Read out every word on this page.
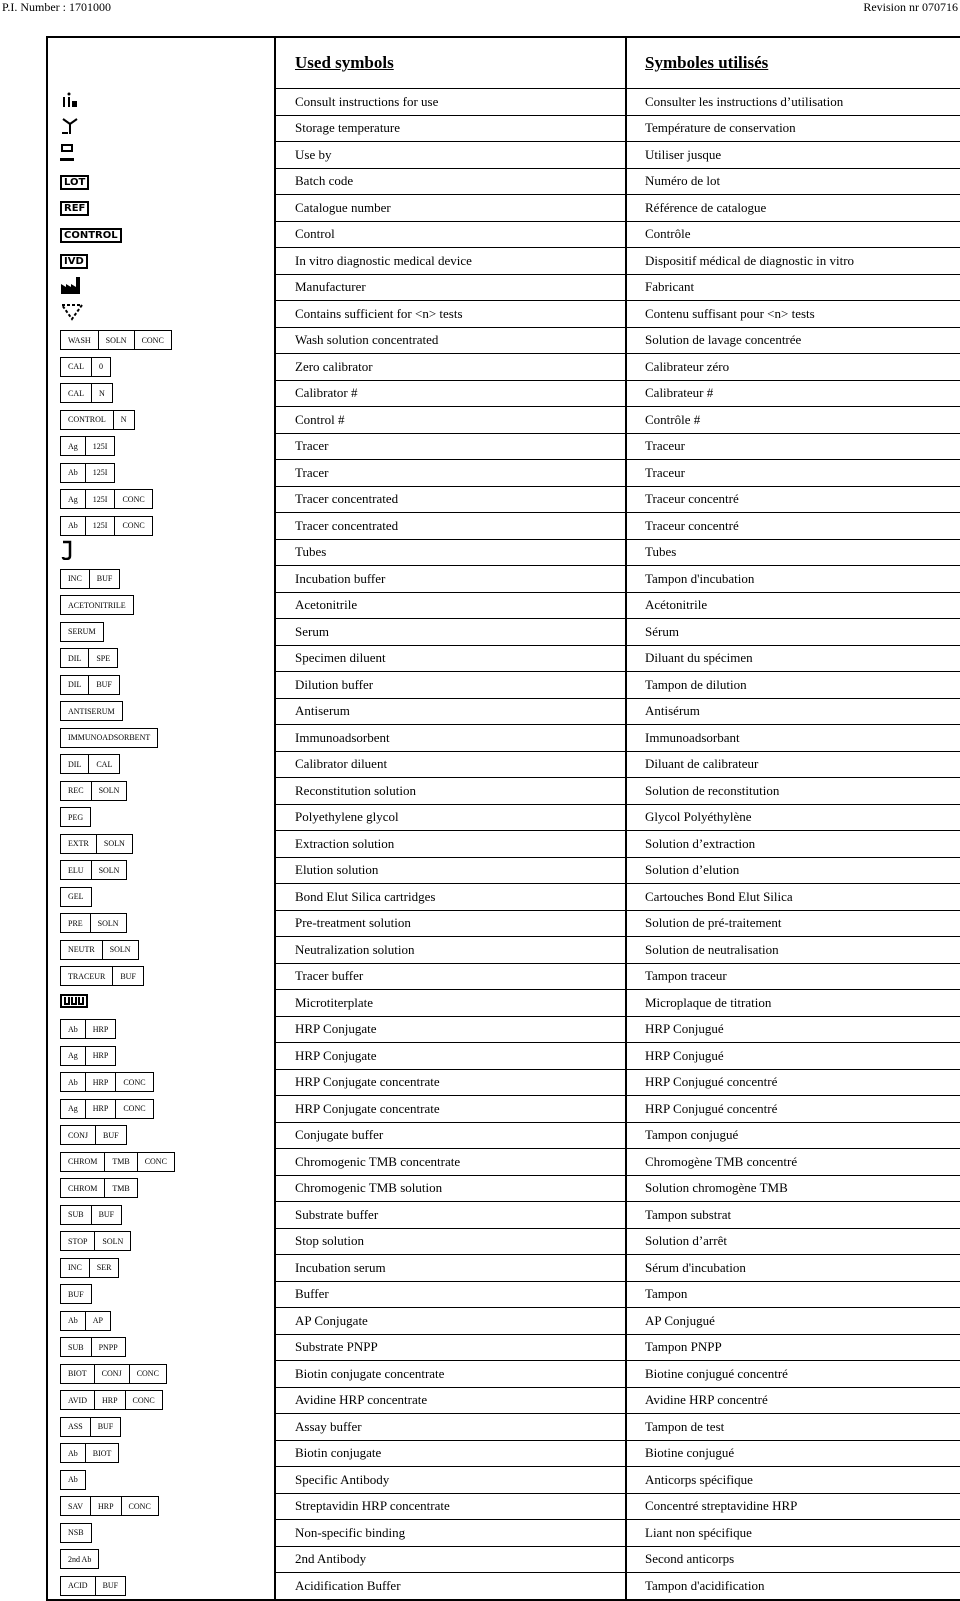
P.I. Number : 1701000	Revision nr 070716
	Used symbols	Symboles utilisés
	Consult instructions for use	Consulter les instructions d’utilisation
	Storage temperature	Température de conservation
	Use by	Utiliser jusque
LOT	Batch code	Numéro de lot
REF	Catalogue number	Référence de catalogue
CONTROL	Control	Contrôle
IVD	In vitro diagnostic medical device	Dispositif médical de diagnostic in vitro
	Manufacturer	Fabricant
	Contains sufficient for <n> tests	Contenu suffisant pour <n> tests

WASH SOLN CONC	Wash solution concentrated	Solution de lavage concentrée

CAL 0	Zero calibrator	Calibrateur zéro

CAL N	Calibrator #	Calibrateur #

CONTROL N	Control #	Contrôle #

Ag 125I	Tracer	Traceur

Ab 125I	Tracer	Traceur

Ag 125I CONC	Tracer concentrated	Traceur concentré

Ab 125I CONC	Tracer concentrated	Traceur concentré
	Tubes	Tubes

INC BUF	Incubation buffer	Tampon d'incubation

ACETONITRILE	Acetonitrile	Acétonitrile

SERUM	Serum	Sérum

DIL SPE	Specimen diluent	Diluant du spécimen

DIL BUF	Dilution buffer	Tampon de dilution

ANTISERUM	Antiserum	Antisérum

IMMUNOADSORBENT	Immunoadsorbent	Immunoadsorbant

DIL CAL	Calibrator diluent	Diluant de calibrateur

REC SOLN	Reconstitution solution	Solution de reconstitution

PEG	Polyethylene glycol	Glycol Polyéthylène

EXTR SOLN	Extraction solution	Solution d’extraction

ELU SOLN	Elution solution	Solution d’elution

GEL	Bond Elut Silica cartridges	Cartouches Bond Elut Silica

PRE SOLN	Pre-treatment solution	Solution de pré-traitement

NEUTR SOLN	Neutralization solution	Solution de neutralisation

TRACEUR BUF	Tracer buffer	Tampon traceur
	Microtiterplate	Microplaque de titration

Ab HRP	HRP Conjugate	HRP Conjugué

Ag HRP	HRP Conjugate	HRP Conjugué

Ab HRP CONC	HRP Conjugate concentrate	HRP Conjugué concentré

Ag HRP CONC	HRP Conjugate concentrate	HRP Conjugué concentré

CONJ BUF	Conjugate buffer	Tampon conjugué

CHROM TMB CONC	Chromogenic TMB concentrate	Chromogène TMB concentré

CHROM TMB	Chromogenic TMB solution	Solution chromogène TMB

SUB BUF	Substrate buffer	Tampon substrat

STOP SOLN	Stop solution	Solution d’arrêt

INC SER	Incubation serum	Sérum d'incubation

BUF	Buffer	Tampon

Ab AP	AP Conjugate	AP Conjugué

SUB PNPP	Substrate PNPP	Tampon PNPP

BIOT CONJ CONC	Biotin conjugate concentrate	Biotine conjugué concentré

AVID HRP CONC	Avidine HRP concentrate	Avidine HRP concentré

ASS BUF	Assay buffer	Tampon de test

Ab BIOT	Biotin conjugate	Biotine conjugué

Ab	Specific Antibody	Anticorps spécifique

SAV HRP CONC	Streptavidin HRP concentrate	Concentré streptavidine HRP

NSB	Non-specific binding	Liant non spécifique

2nd Ab	2nd Antibody	Second anticorps

ACID BUF	Acidification Buffer	Tampon d'acidification
